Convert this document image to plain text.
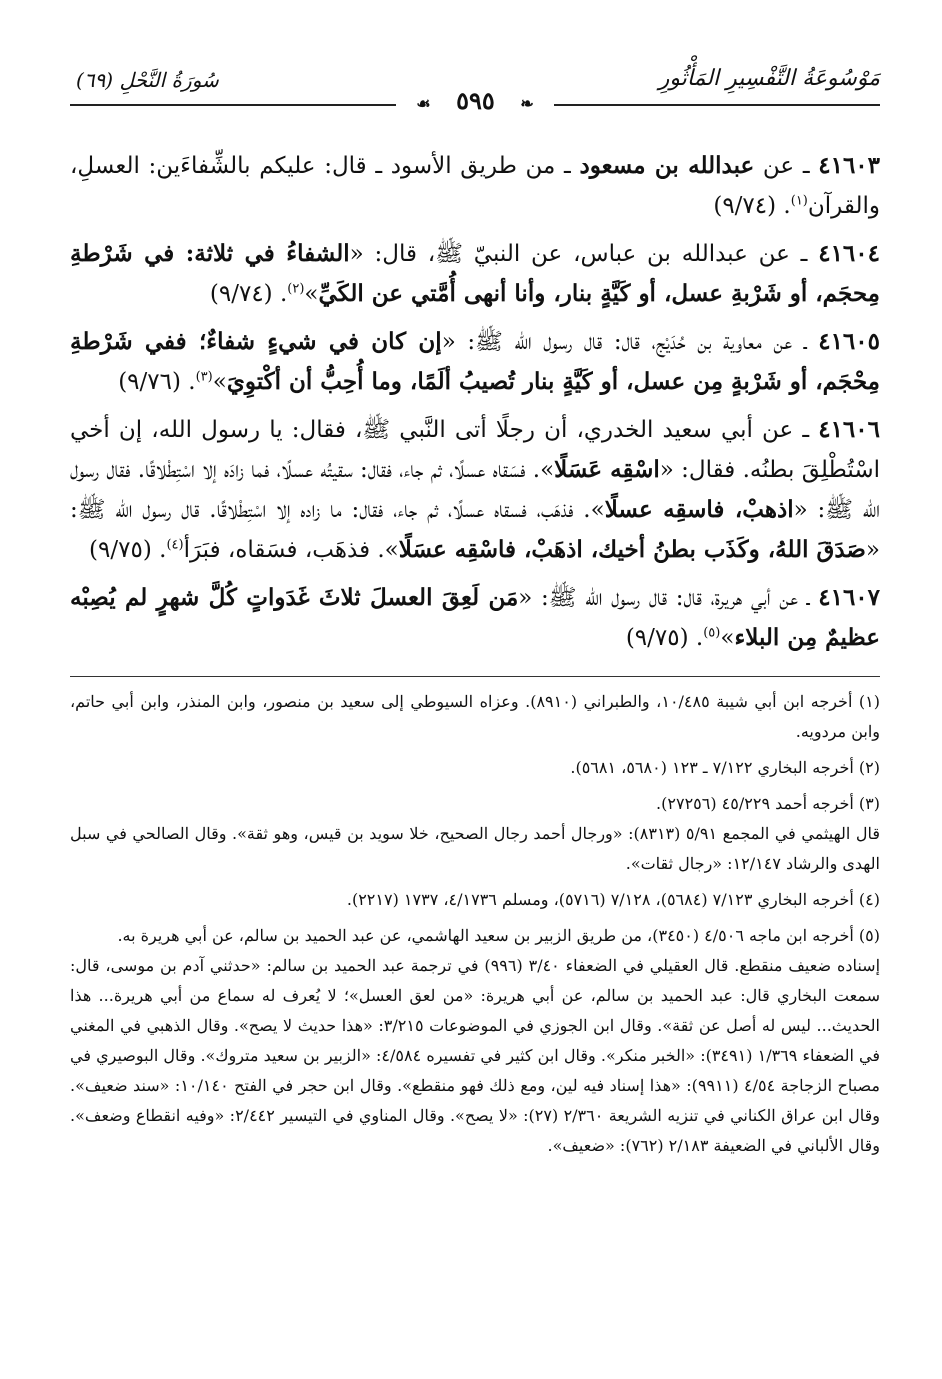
مَوْسُوعَةُ التَّفْسِيرِ المَأْثُورِ
سُورَةُ النَّحْلِ (٦٩)
❧ ٥٩٥ ☙

٤١٦٠٣ ـ عن عبدالله بن مسعود ـ من طريق الأسود ـ قال: عليكم بالشِّفاءَين: العسلِ، والقرآن$^{(١)}$. (٩/٧٤)

٤١٦٠٤ ـ عن عبدالله بن عباس، عن النبيّ ﷺ، قال: «الشفاءُ في ثلاثة: في شَرْطةِ مِحجَم، أو شَرْبةِ عسل، أو كَيَّةٍ بنار، وأنا أنهى أُمَّتي عن الكَيِّ»$^{(٢)}$. (٩/٧٤)

٤١٦٠٥ ـ عن معاوية بن حُدَيْج، قال: قال رسول الله ﷺ: «إن كان في شيءٍ شفاءٌ؛ ففي شَرْطةِ مِحْجَم، أو شَرْبةٍ مِن عسل، أو كَيَّةٍ بنار تُصيبُ ألَمًا، وما أُحِبُّ أن أكْتوِيَ»$^{(٣)}$. (٩/٧٦)

٤١٦٠٦ ـ عن أبي سعيد الخدري، أن رجلًا أتى النَّبي ﷺ، فقال: يا رسول الله، إن أخي اسْتُطْلِقَ بطنُه. فقال: «اسْقِه عَسَلًا». فسَقاه عسلًا، ثم جاء، فقال: سقيتُه عسلًا، فما زادَه إلا اسْتِطْلاقًا. فقال رسول الله ﷺ: «اذهبْ، فاسقِه عسلًا». فذهَب، فسقاه عسلًا، ثم جاء، فقال: ما زاده إلا اسْتِطْلاقًا. قال رسول الله ﷺ: «صَدَقَ اللهُ، وكَذَب بطنُ أخيك، اذهَبْ، فاسْقِه عسَلًا». فذهَب، فسَقاه، فبَرَأ$^{(٤)}$. (٩/٧٥)

٤١٦٠٧ ـ عن أبي هريرة، قال: قال رسول الله ﷺ: «مَن لَعِقَ العسلَ ثلاثَ غَدَواتٍ كُلَّ شهرٍ لم يُصِبْه عظيمٌ مِن البلاء»$^{(٥)}$. (٩/٧٥)

(١) أخرجه ابن أبي شيبة ١٠/٤٨٥، والطبراني (٨٩١٠). وعزاه السيوطي إلى سعيد بن منصور، وابن المنذر، وابن أبي حاتم، وابن مردويه.

(٢) أخرجه البخاري ٧/١٢٢ ـ ١٢٣ (٥٦٨٠، ٥٦٨١).

(٣) أخرجه أحمد ٤٥/٢٢٩ (٢٧٢٥٦).

قال الهيثمي في المجمع ٥/٩١ (٨٣١٣): «ورجال أحمد رجال الصحيح، خلا سويد بن قيس، وهو ثقة». وقال الصالحي في سبل الهدى والرشاد ١٢/١٤٧: «رجال ثقات».

(٤) أخرجه البخاري ٧/١٢٣ (٥٦٨٤)، ٧/١٢٨ (٥٧١٦)، ومسلم ٤/١٧٣٦، ١٧٣٧ (٢٢١٧).

(٥) أخرجه ابن ماجه ٤/٥٠٦ (٣٤٥٠)، من طريق الزبير بن سعيد الهاشمي، عن عبد الحميد بن سالم، عن أبي هريرة به.

إسناده ضعيف منقطع. قال العقيلي في الضعفاء ٣/٤٠ (٩٩٦) في ترجمة عبد الحميد بن سالم: «حدثني آدم بن موسى، قال: سمعت البخاري قال: عبد الحميد بن سالم، عن أبي هريرة: «من لعق العسل»؛ لا يُعرف له سماع من أبي هريرة... هذا الحديث... ليس له أصل عن ثقة». وقال ابن الجوزي في الموضوعات ٣/٢١٥: «هذا حديث لا يصح». وقال الذهبي في المغني في الضعفاء ١/٣٦٩ (٣٤٩١): «الخبر منكر». وقال ابن كثير في تفسيره ٤/٥٨٤: «الزبير بن سعيد متروك». وقال البوصيري في مصباح الزجاجة ٤/٥٤ (٩٩١١): «هذا إسناد فيه لين، ومع ذلك فهو منقطع». وقال ابن حجر في الفتح ١٠/١٤٠: «سند ضعيف». وقال ابن عراق الكناني في تنزيه الشريعة ٢/٣٦٠ (٢٧): «لا يصح». وقال المناوي في التيسير ٢/٤٤٢: «وفيه انقطاع وضعف». وقال الألباني في الضعيفة ٢/١٨٣ (٧٦٢): «ضعيف».
